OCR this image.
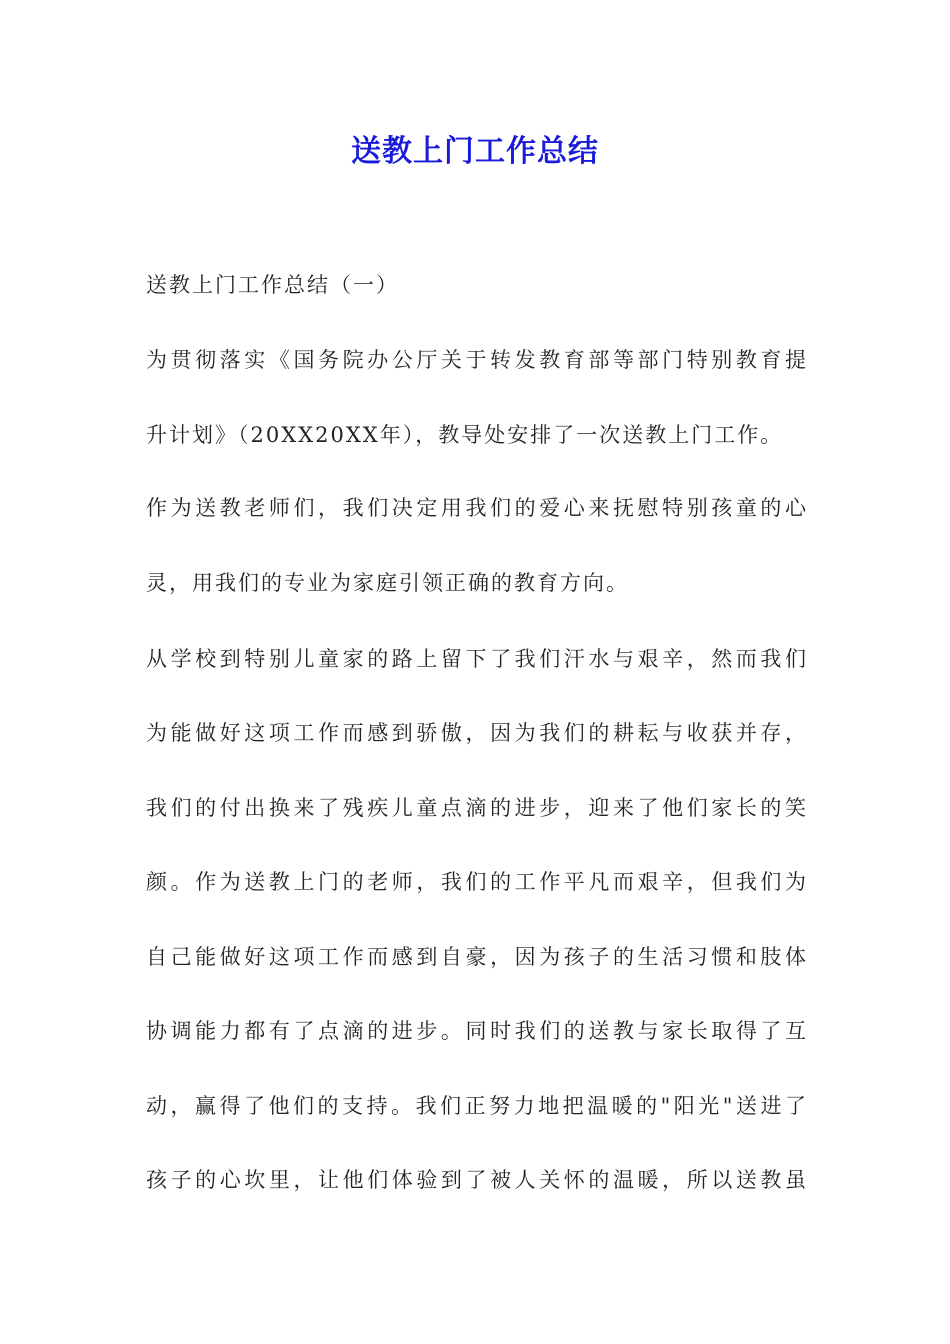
送教上门工作总结
送教上门工作总结（一）
为贯彻落实《国务院办公厅关于转发教育部等部门特别教育提
升计划》（20XX20XX年），教导处安排了一次送教上门工作。
作为送教老师们，我们决定用我们的爱心来抚慰特别孩童的心
灵，用我们的专业为家庭引领正确的教育方向。
从学校到特别儿童家的路上留下了我们汗水与艰辛，然而我们
为能做好这项工作而感到骄傲，因为我们的耕耘与收获并存，
我们的付出换来了残疾儿童点滴的进步，迎来了他们家长的笑
颜。作为送教上门的老师，我们的工作平凡而艰辛，但我们为
自己能做好这项工作而感到自豪，因为孩子的生活习惯和肢体
协调能力都有了点滴的进步。同时我们的送教与家长取得了互
动，赢得了他们的支持。我们正努力地把温暖的"阳光"送进了
孩子的心坎里，让他们体验到了被人关怀的温暖，所以送教虽
